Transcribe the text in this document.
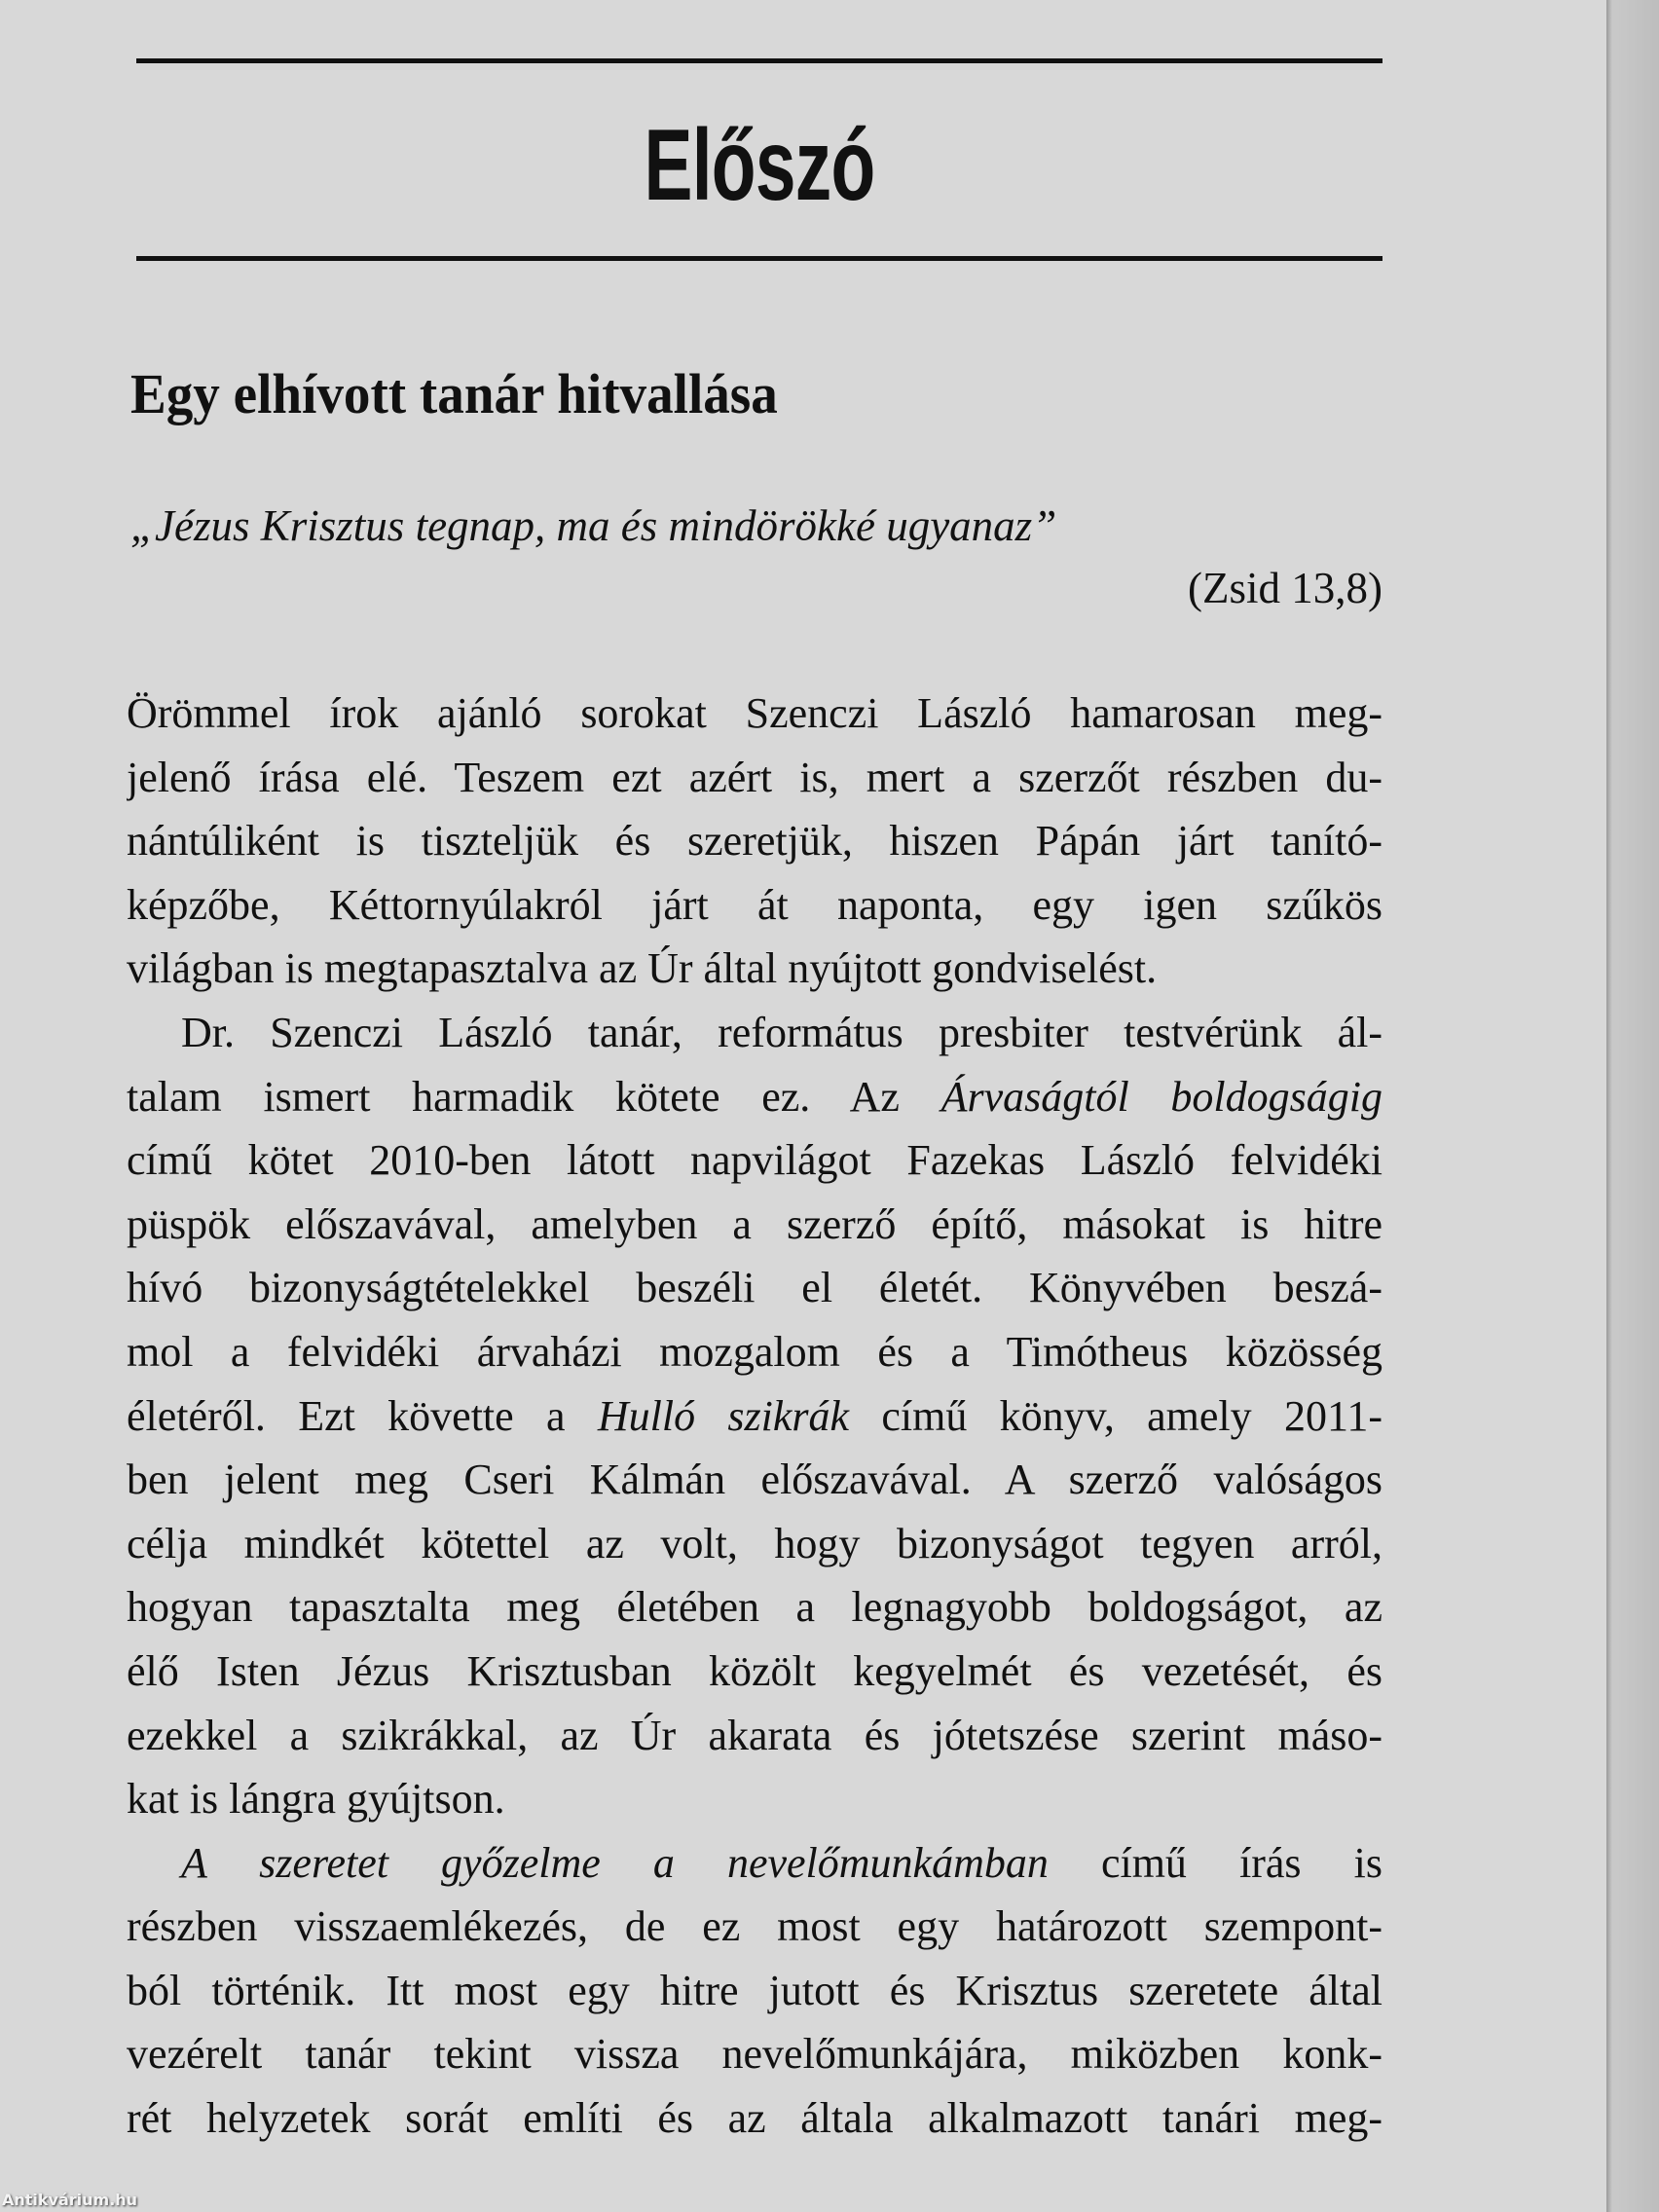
Előszó
Egy elhívott tanár hitvallása
„Jézus Krisztus tegnap, ma és mindörökké ugyanaz”
(Zsid 13,8)
Örömmel írok ajánló sorokat Szenczi László hamarosan meg-
jelenő írása elé. Teszem ezt azért is, mert a szerzőt részben du-
nántúliként is tiszteljük és szeretjük, hiszen Pápán járt tanító-
képzőbe, Kéttornyúlakról járt át naponta, egy igen szűkös
világban is megtapasztalva az Úr által nyújtott gondviselést.
Dr. Szenczi László tanár, református presbiter testvérünk ál-
talam ismert harmadik kötete ez. Az Árvaságtól boldogságig
című kötet 2010-ben látott napvilágot Fazekas László felvidéki
püspök előszavával, amelyben a szerző építő, másokat is hitre
hívó bizonyságtételekkel beszéli el életét. Könyvében beszá-
mol a felvidéki árvaházi mozgalom és a Timótheus közösség
életéről. Ezt követte a Hulló szikrák című könyv, amely 2011-
ben jelent meg Cseri Kálmán előszavával. A szerző valóságos
célja mindkét kötettel az volt, hogy bizonyságot tegyen arról,
hogyan tapasztalta meg életében a legnagyobb boldogságot, az
élő Isten Jézus Krisztusban közölt kegyelmét és vezetését, és
ezekkel a szikrákkal, az Úr akarata és jótetszése szerint máso-
kat is lángra gyújtson.
A szeretet győzelme a nevelőmunkámban című írás is
részben visszaemlékezés, de ez most egy határozott szempont-
ból történik. Itt most egy hitre jutott és Krisztus szeretete által
vezérelt tanár tekint vissza nevelőmunkájára, miközben konk-
rét helyzetek sorát említi és az általa alkalmazott tanári meg-
Antikvárium.hu
